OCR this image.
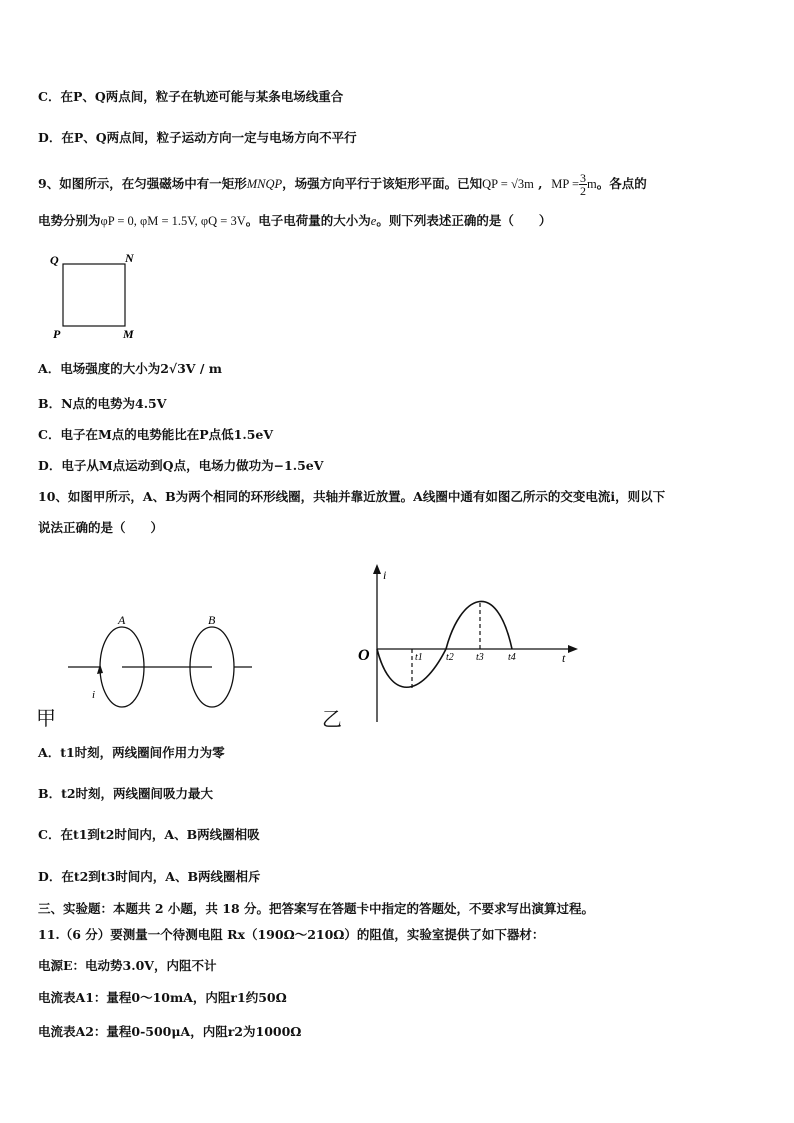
C．在P、Q两点间，粒子在轨迹可能与某条电场线重合
D．在P、Q两点间，粒子运动方向一定与电场方向不平行
9、如图所示，在匀强磁场中有一矩形MNQP，场强方向平行于该矩形平面。已知QP = √3m ,  MP = $\frac{3}{2}$ m。各点的
电势分别为φP = 0, φM = 1.5V, φQ = 3V。电子电荷量的大小为e。则下列表述正确的是（　　）
Q	N
P	M
A．电场强度的大小为2√3V / m
B．N点的电势为4.5V
C．电子在M点的电势能比在P点低1.5eV
D．电子从M点运动到Q点，电场力做功为−1.5eV
10、如图甲所示，A、B为两个相同的环形线圈，共轴并靠近放置。A线圈中通有如图乙所示的交变电流i，则以下
说法正确的是（　　）
A	B
i
甲
i
t
O	t1 t2 t3 t4
乙
A．t1时刻，两线圈间作用力为零
B．t2时刻，两线圈间吸力最大
C．在t1到t2时间内，A、B两线圈相吸
D．在t2到t3时间内，A、B两线圈相斥
三、实验题：本题共 2 小题，共 18 分。把答案写在答题卡中指定的答题处，不要求写出演算过程。
11.（6 分）要测量一个待测电阻 Rx（190Ω～210Ω）的阻值，实验室提供了如下器材：
电源E：电动势3.0V，内阻不计
电流表A1：量程0～10mA，内阻r1约50Ω
电流表A2：量程0-500μA，内阻r2为1000Ω
